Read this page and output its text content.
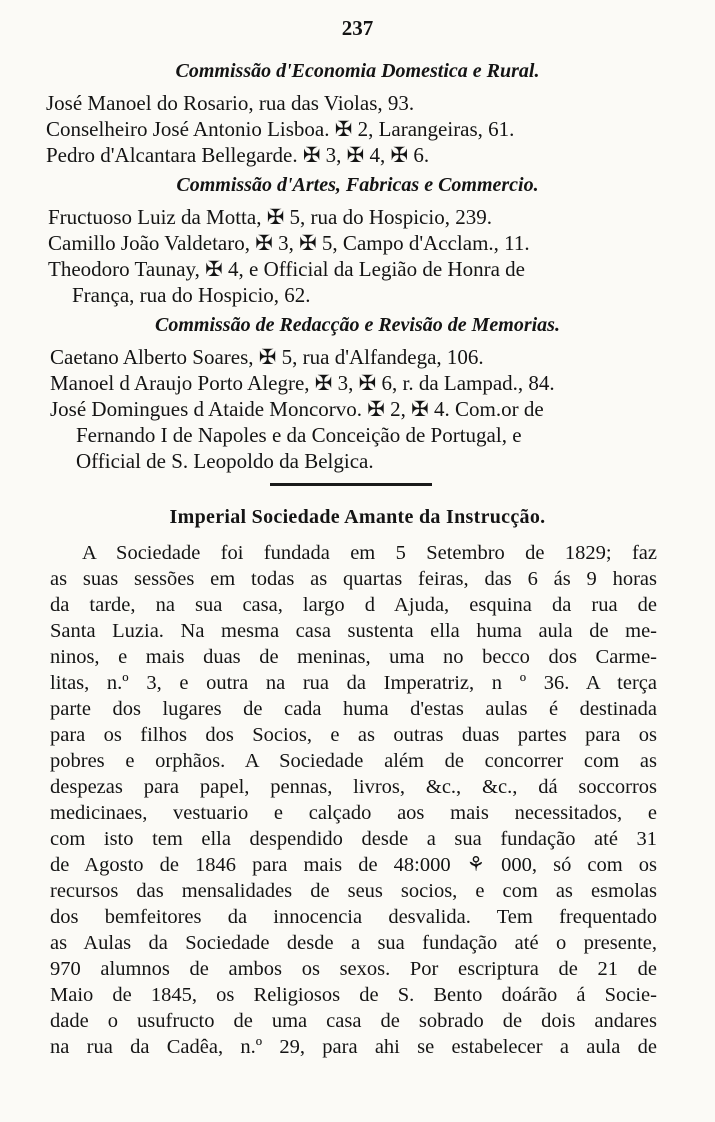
237
Commissão d'Economia Domestica e Rural.
José Manoel do Rosario, rua das Violas, 93.
Conselheiro José Antonio Lisboa. ✠ 2, Larangeiras, 61.
Pedro d'Alcantara Bellegarde. ✠ 3, ✠ 4, ✠ 6.
Commissão d'Artes, Fabricas e Commercio.
Fructuoso Luiz da Motta, ✠ 5, rua do Hospicio, 239.
Camillo João Valdetaro, ✠ 3, ✠ 5, Campo d'Acclam., 11.
Theodoro Taunay, ✠ 4, e Official da Legião de Honra de
França, rua do Hospicio, 62.
Commissão de Redacção e Revisão de Memorias.
Caetano Alberto Soares, ✠ 5, rua d'Alfandega, 106.
Manoel d Araujo Porto Alegre, ✠ 3, ✠ 6, r. da Lampad., 84.
José Domingues d Ataide Moncorvo. ✠ 2, ✠ 4. Com.or de
Fernando I de Napoles e da Conceição de Portugal, e
Official de S. Leopoldo da Belgica.
Imperial Sociedade Amante da Instrucção.
A Sociedade foi fundada em 5 Setembro de 1829; faz
as suas sessões em todas as quartas feiras, das 6 ás 9 horas
da tarde, na sua casa, largo d Ajuda, esquina da rua de
Santa Luzia. Na mesma casa sustenta ella huma aula de me-
ninos, e mais duas de meninas, uma no becco dos Carme-
litas, n.º 3, e outra na rua da Imperatriz, n º 36. A terça
parte dos lugares de cada huma d'estas aulas é destinada
para os filhos dos Socios, e as outras duas partes para os
pobres e orphãos. A Sociedade além de concorrer com as
despezas para papel, pennas, livros, &c., &c., dá soccorros
medicinaes, vestuario e calçado aos mais necessitados, e
com isto tem ella despendido desde a sua fundação até 31
de Agosto de 1846 para mais de 48:000 ⚘ 000, só com os
recursos das mensalidades de seus socios, e com as esmolas
dos bemfeitores da innocencia desvalida. Tem frequentado
as Aulas da Sociedade desde a sua fundação até o presente,
970 alumnos de ambos os sexos. Por escriptura de 21 de
Maio de 1845, os Religiosos de S. Bento doárão á Socie-
dade o usufructo de uma casa de sobrado de dois andares
na rua da Cadêa, n.º 29, para ahi se estabelecer a aula de
